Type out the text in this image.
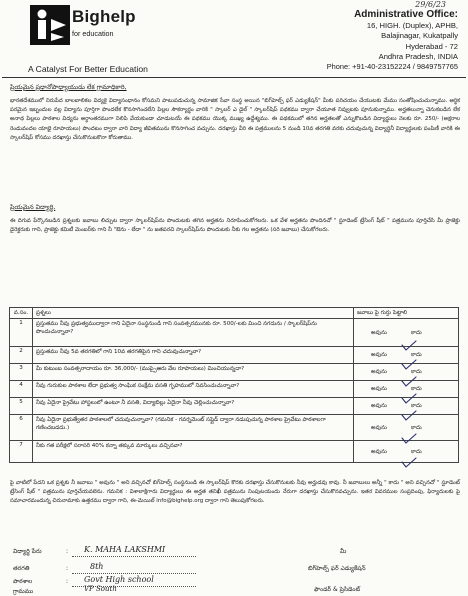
Bighelp
for education
A Catalyst For Better Education
29/6/23
Administrative Office:
16, HIGH. (Duplex), APHB,
Balajinagar, Kukatpally
Hyderabad - 72
Andhra Pradesh, INDIA
Phone: +91-40-23152224 / 9849757765
ప్రియమైన ప్రధానోపాధ్యాయుడు లేక గ్రామాధికారి,
భారతదేశములో నిరుపేద బాలబాలికల విద్యకై విద్యాసంధానం కోసమని పాటుపడుచున్న సామాజిక సేవా సంస్థ అయిన "బిగ్‌హెల్ప్ ఫర్ ఎడ్యుకేషన్" మీకు పరిచయం చేయుటకు మేము సంతోషించుచున్నాము. ఆర్థిక పరమైన ఇబ్బందుల వల్ల విద్యాను పూర్తిగా పొందలేక కొనసాగించలేని పిల్లల సౌకర్యార్థం వారికి " స్కాలర్ ఎ డైల్ " స్కాలర్‌షిప్ పథకము ద్వారా చేయూత నివ్వుటకు పూనుకున్నాము. అర్హతలున్నా చెనుకబడిన లేక అనాథ పిల్లలు పాఠశాల విద్యను అర్ధాంతరముగా నిలిపి వేయకుండా చూడుటయే ఈ పథకము యొక్క ముఖ్య ఉద్దేశ్యము. ఈ పథకములో తగిన అర్హతలతో ఎన్నుకొబడిన విద్యార్థులు నెలకు రూ. 250/- (అక్షరాల రెండువందల యాభై రూపాయలు) పొందటం ద్వారా వారి విద్యా జీవితమును కొనసాగించ వచ్చును. దరఖాస్తు వీరి ఈ పత్రములను 5 నుండి 10వ తరగతి వరకు చదువుచున్న విద్యార్థినీ విద్యార్థులకు పంపిణీ వారికి ఈ స్కాలర్‌షిప్ కోసము దరఖాస్తు చేసుకొనుటకొనా కోరుతాము.
ప్రియమైన విద్యార్థి,
ఈ దిగువ పేర్కొనబడిన ప్రశ్నలకు జవాబు లిచ్చుట ద్వారా స్కాలర్‌షిప్‌ను పొందుటకు తగిన అర్హతను నిరూపించుకోగలరు. ఒక వేళ అర్హతను పొందినచో " స్టూడెంట్ ట్రేసింగ్ షీట్ " పత్రమును పూర్తిచేసి మీ ప్రాజెక్టు డైరెక్టరుకు గాని, ప్రాజెక్టు కమిటీ మెంబర్‌కు గాని నీ "ఔను - లేదా " ను జతపరచి స్కాలర్‌షిప్‌ను పొందుటకు నీకు గల అర్హతను (సరి జవాబు) చేసుకోగలరు.
వ.సం.	ప్రశ్నలు	జవాబు పై గుర్తు పెట్టాలి
1	ప్రస్తుతము నీవు ప్రభుత్వముద్వారా గాని ఏదైనా సంస్థనుండి గాని సంవత్సరమునకు రూ. 500/-లకు మించి నగదును / స్కాలర్‌షిప్‌ను పొందుచున్నావా?	అవును కాదు
2	ప్రస్తుతము నీవు 5వ తరగతిలో గాని 10వ తరగతిపైన గాని చదువుచున్నావా?	అవును కాదు
3	మీ కుటుంబ సంవత్సరాదాయం రూ. 36,000/- (ముప్పైఆరు వేల రూపాయలు) మించియున్నదా?	అవును కాదు
4	నీవు గురుకుల పాఠశాల లేదా ప్రభుత్వ సాంఘిక సంక్షేమ వసతి గృహములో నివసించుచున్నావా?	అవును కాదు
5	నీవు ఏదైనా ప్రైవేటు హాస్టలులో ఉంటూ నీ వసతి, విద్యాబిల్లు ఏదైనా నీవు చెల్లించుచున్నావా?	అవును కాదు
6	నీవు ఏదైనా ప్రభుత్వేతర పాఠశాలలో చదువుచున్నావా? (గమనిక - గవర్నమెంట్ సప్లైడ్ ద్వారా నడుపుచున్న పాఠశాల ప్రైవేటు పాఠశాలగా గణించబడదు.)	అవును కాదు
7	నీకు గత పరీక్షలో సరాసరి 40% కన్నా తక్కువ మార్కులు వచ్చినవా?	అవును కాదు
పై వాటిలో పేదని ఒక ప్రశ్నకు నీ జవాబు " అవును " అని వచ్చినచో బిగ్‌హెల్ప్ సంస్థనుండి ఈ స్కాలర్‌షిప్ కొరకు దరఖాస్తు చేసుకొనుటకు నీవు అర్హుడవు కావు. నీ జవాబులు అన్నీ " కాదు " అని వచ్చినచో " స్టూడెంట్ ట్రేసింగ్ షీట్ " పత్రమును పూర్తిచేయవలెను. గమనిక : విశాలాక్షిగారు విద్యార్థులు ఈ అర్హత తనిఖీ పత్రమును నింపుటయందు నేరుగా దరఖాస్తు చేసుకొనవచ్చును. ఇతర వివరముల సంప్రదింపు, ఫిర్యాదులకు పై సమాచారమందున్న చిరునామాకు ఉత్తరము ద్వారా గాని, ఈ-మెయిల్ info@bighelp.org ద్వారా గాని తెలుపుకోగలరు.
విద్యార్థి పేరు	: K. MAHA LAKSHMI
తరగతి	:	8th
పాఠశాల	: Govt High school
గ్రామము	VP South
మీ
బిగ్‌హెల్ప్ ఫర్ ఎడ్యుకేషన్
ఫౌండర్ & ప్రెసిడెంట్
